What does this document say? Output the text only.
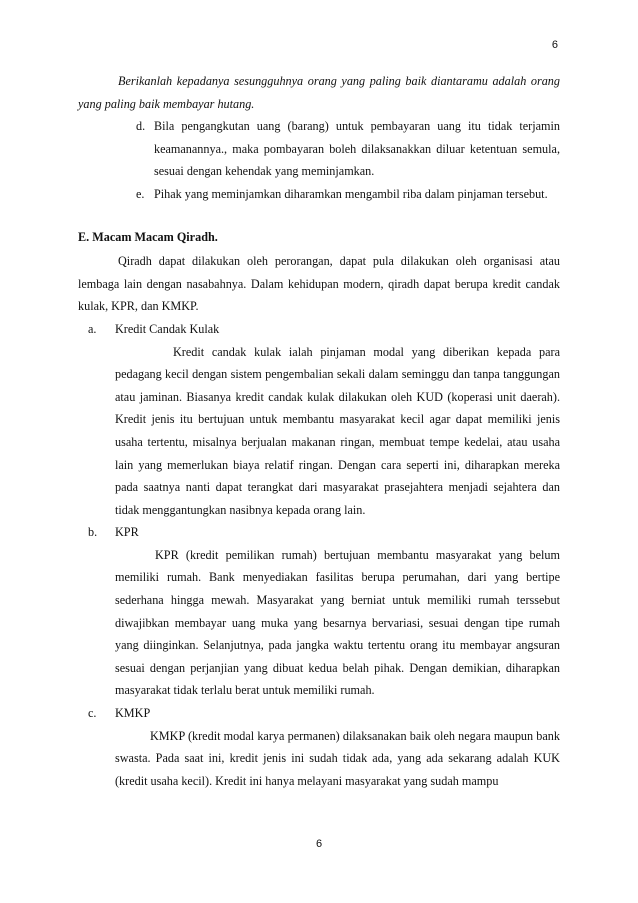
6

Berikanlah kepadanya sesungguhnya orang yang paling baik diantaramu adalah orang yang paling baik membayar hutang.

d. Bila pengangkutan uang (barang) untuk pembayaran uang itu tidak terjamin keamanannya., maka pombayaran boleh dilaksanakkan diluar ketentuan semula, sesuai dengan kehendak yang meminjamkan.
e. Pihak yang meminjamkan diharamkan mengambil riba dalam pinjaman tersebut.
E. Macam Macam Qiradh.

Qiradh dapat dilakukan oleh perorangan, dapat pula dilakukan oleh organisasi atau lembaga lain dengan nasabahnya. Dalam kehidupan modern, qiradh dapat berupa kredit candak kulak, KPR, dan KMKP.

a.	Kredit Candak Kulak
Kredit candak kulak ialah pinjaman modal yang diberikan kepada para pedagang kecil dengan sistem pengembalian sekali dalam seminggu dan tanpa tanggungan atau jaminan. Biasanya kredit candak kulak dilakukan oleh KUD (koperasi unit daerah). Kredit jenis itu bertujuan untuk membantu masyarakat kecil agar dapat memiliki jenis usaha tertentu, misalnya berjualan makanan ringan, membuat tempe kedelai, atau usaha lain yang memerlukan biaya relatif ringan. Dengan cara seperti ini, diharapkan mereka pada saatnya nanti dapat terangkat dari masyarakat prasejahtera menjadi sejahtera dan tidak menggantungkan nasibnya kepada orang lain.
b.	KPR
KPR (kredit pemilikan rumah) bertujuan membantu masyarakat yang belum memiliki rumah. Bank menyediakan fasilitas berupa perumahan, dari yang bertipe sederhana hingga mewah. Masyarakat yang berniat untuk memiliki rumah terssebut diwajibkan membayar uang muka yang besarnya bervariasi, sesuai dengan tipe rumah yang diinginkan. Selanjutnya, pada jangka waktu tertentu orang itu membayar angsuran sesuai dengan perjanjian yang dibuat kedua belah pihak. Dengan demikian, diharapkan masyarakat tidak terlalu berat untuk memiliki rumah.
c.	KMKP
KMKP (kredit modal karya permanen) dilaksanakan baik oleh negara maupun bank swasta. Pada saat ini, kredit jenis ini sudah tidak ada, yang ada sekarang adalah KUK (kredit usaha kecil). Kredit ini hanya melayani masyarakat yang sudah mampu
6
